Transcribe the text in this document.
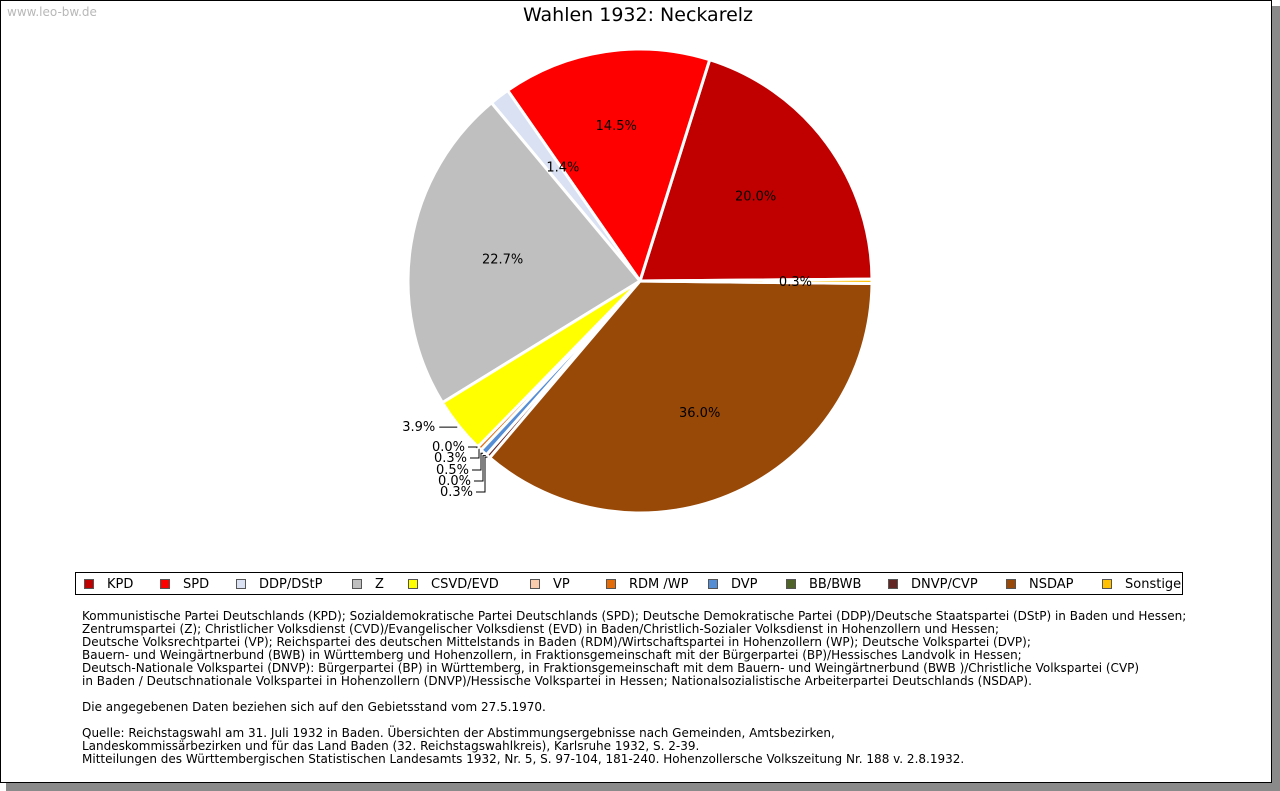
www.leo-bw.de	Wahlen 1932: Neckarelz
20.0%
14.5%
22.7%
36.0%
1.4%
0.3%
3.9%
0.0%
0.3%
0.5%
0.0%
0.3%
KPD	SPD	DDP/DStP	Z	CSVD/EVD	VP	RDM /WP	DVP	BB/BWB	DNVP/CVP	NSDAP	Sonstige

Kommunistische Partei Deutschlands (KPD); Sozialdemokratische Partei Deutschlands (SPD); Deutsche Demokratische Partei (DDP)/Deutsche Staatspartei (DStP) in Baden und Hessen;

Zentrumspartei (Z); Christlicher Volksdienst (CVD)/Evangelischer Volksdienst (EVD) in Baden/Christlich-Sozialer Volksdienst in Hohenzollern und Hessen;

Deutsche Volksrechtpartei (VP); Reichspartei des deutschen Mittelstands in Baden (RDM)/Wirtschaftspartei in Hohenzollern (WP); Deutsche Volkspartei (DVP);

Bauern- und Weingärtnerbund (BWB) in Württemberg und Hohenzollern, in Fraktionsgemeinschaft mit der Bürgerpartei (BP)/Hessisches Landvolk in Hessen;

Deutsch-Nationale Volkspartei (DNVP): Bürgerpartei (BP) in Württemberg, in Fraktionsgemeinschaft mit dem Bauern- und Weingärtnerbund (BWB )/Christliche Volkspartei (CVP)

in Baden / Deutschnationale Volkspartei in Hohenzollern (DNVP)/Hessische Volkspartei in Hessen; Nationalsozialistische Arbeiterpartei Deutschlands (NSDAP).

Die angegebenen Daten beziehen sich auf den Gebietsstand vom 27.5.1970.

Quelle: Reichstagswahl am 31. Juli 1932 in Baden. Übersichten der Abstimmungsergebnisse nach Gemeinden, Amtsbezirken,

Landeskommissärbezirken und für das Land Baden (32. Reichstagswahlkreis), Karlsruhe 1932, S. 2-39.

Mitteilungen des Württembergischen Statistischen Landesamts 1932, Nr. 5, S. 97-104, 181-240. Hohenzollersche Volkszeitung Nr. 188 v. 2.8.1932.
